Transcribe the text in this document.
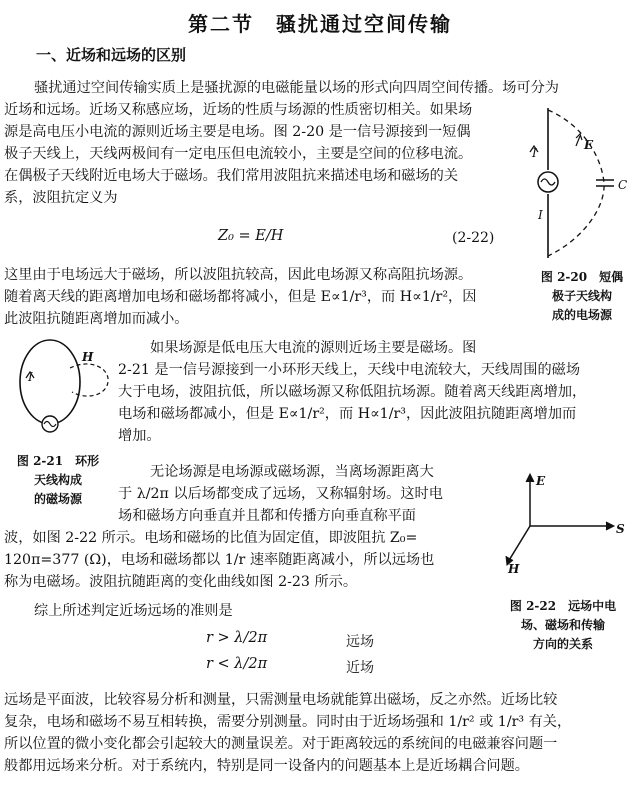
第二节　骚扰通过空间传输
一、近场和远场的区别
骚扰通过空间传输实质上是骚扰源的电磁能量以场的形式向四周空间传播。场可分为
近场和远场。近场又称感应场，近场的性质与场源的性质密切相关。如果场
源是高电压小电流的源则近场主要是电场。图 2-20 是一信号源接到一短偶
极子天线上，天线两极间有一定电压但电流较小，主要是空间的位移电流。
在偶极子天线附近电场大于磁场。我们常用波阻抗来描述电场和磁场的关
系，波阻抗定义为
Z₀ = E/H	(2-22)
这里由于电场远大于磁场，所以波阻抗较高，因此电场源又称高阻抗场源。
随着离天线的距离增加电场和磁场都将减小，但是 E∝1/r³，而 H∝1/r²，因
此波阻抗随距离增加而减小。
如果场源是低电压大电流的源则近场主要是磁场。图
2-21 是一信号源接到一小环形天线上，天线中电流较大，天线周围的磁场
大于电场，波阻抗低，所以磁场源又称低阻抗场源。随着离天线距离增加，
电场和磁场都减小，但是 E∝1/r²，而 H∝1/r³，因此波阻抗随距离增加而
增加。
无论场源是电场源或磁场源，当离场源距离大
于 λ/2π 以后场都变成了远场，又称辐射场。这时电
场和磁场方向垂直并且都和传播方向垂直称平面
波，如图 2-22 所示。电场和磁场的比值为固定值，即波阻抗 Z₀=
120π=377 (Ω)，电场和磁场都以 1/r 速率随距离减小，所以远场也
称为电磁场。波阻抗随距离的变化曲线如图 2-23 所示。
综上所述判定近场远场的准则是
r > λ/2π	远场
r < λ/2π	近场
远场是平面波，比较容易分析和测量，只需测量电场就能算出磁场，反之亦然。近场比较
复杂，电场和磁场不易互相转换，需要分别测量。同时由于近场场强和 1/r² 或 1/r³ 有关，
所以位置的微小变化都会引起较大的测量误差。对于距离较远的系统间的电磁兼容问题一
般都用远场来分析。对于系统内，特别是同一设备内的问题基本上是近场耦合问题。
I
I
E
C
图 2-20　短偶
极子天线构
成的电场源
I
H
图 2-21　环形
天线构成
的磁场源
E
S
H
图 2-22　远场中电
场、磁场和传输
方向的关系
